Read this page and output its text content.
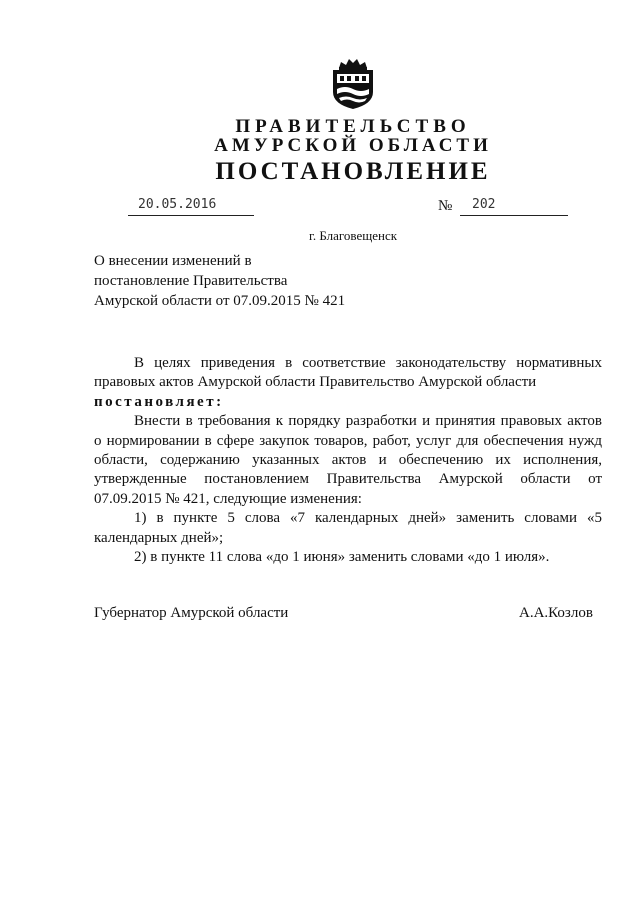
ПРАВИТЕЛЬСТВО
АМУРСКОЙ ОБЛАСТИ
ПОСТАНОВЛЕНИЕ
20.05.2016	№ 202
г. Благовещенск
О внесении изменений в
постановление Правительства
Амурской области от 07.09.2015 № 421
В целях приведения в соответствие законодательству нормативных
правовых актов Амурской области Правительство Амурской области
постановляет:
Внести в требования к порядку разработки и принятия правовых актов
о нормировании в сфере закупок товаров, работ, услуг для обеспечения нужд
области, содержанию указанных актов и обеспечению их исполнения,
утвержденные постановлением Правительства Амурской области от
07.09.2015 № 421, следующие изменения:
1) в пункте 5 слова «7 календарных дней» заменить словами «5
календарных дней»;
2) в пункте 11 слова «до 1 июня» заменить словами «до 1 июля».
Губернатор Амурской области	А.А.Козлов
